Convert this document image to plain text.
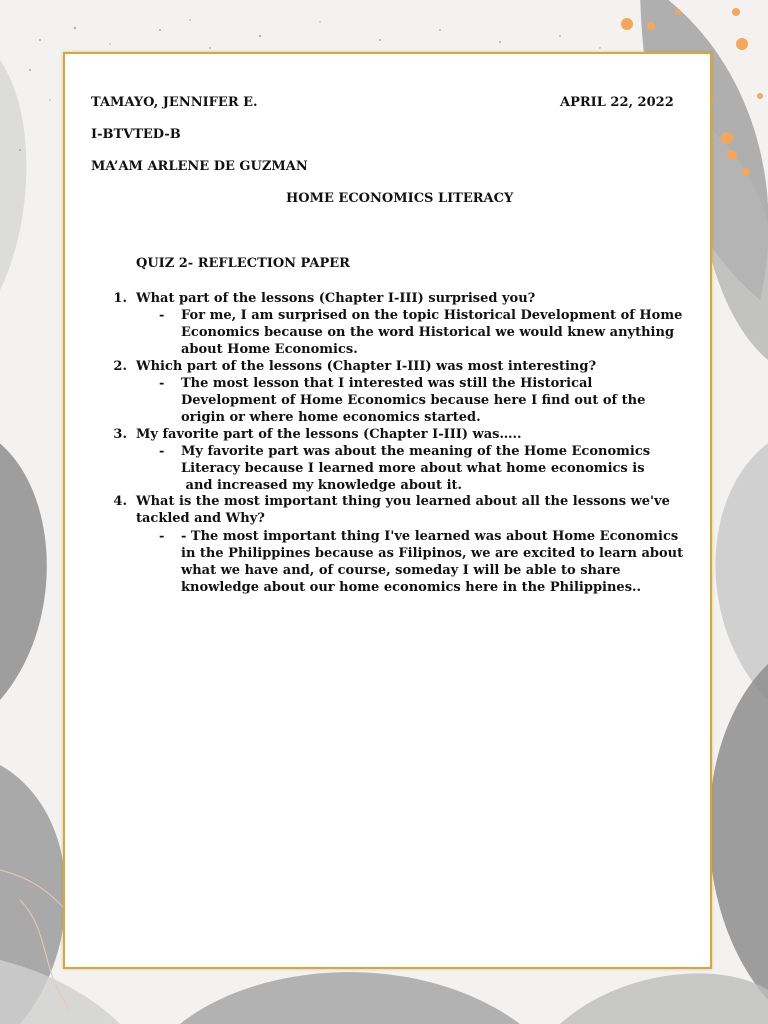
TAMAYO, JENNIFER E.	APRIL 22, 2022
I-BTVTED-B
MA’AM ARLENE DE GUZMAN
HOME ECONOMICS LITERACY
QUIZ 2- REFLECTION PAPER
1. What part of the lessons (Chapter I-III) surprised you?
- For me, I am surprised on the topic Historical Development of Home
Economics because on the word Historical we would knew anything
about Home Economics.
2. Which part of the lessons (Chapter I-III) was most interesting?
- The most lesson that I interested was still the Historical
Development of Home Economics because here I find out of the
origin or where home economics started.
3. My favorite part of the lessons (Chapter I-III) was…..
- My favorite part was about the meaning of the Home Economics
Literacy because I learned more about what home economics is
and increased my knowledge about it.
4. What is the most important thing you learned about all the lessons we've
tackled and Why?
- - The most important thing I've learned was about Home Economics
in the Philippines because as Filipinos, we are excited to learn about
what we have and, of course, someday I will be able to share
knowledge about our home economics here in the Philippines..
